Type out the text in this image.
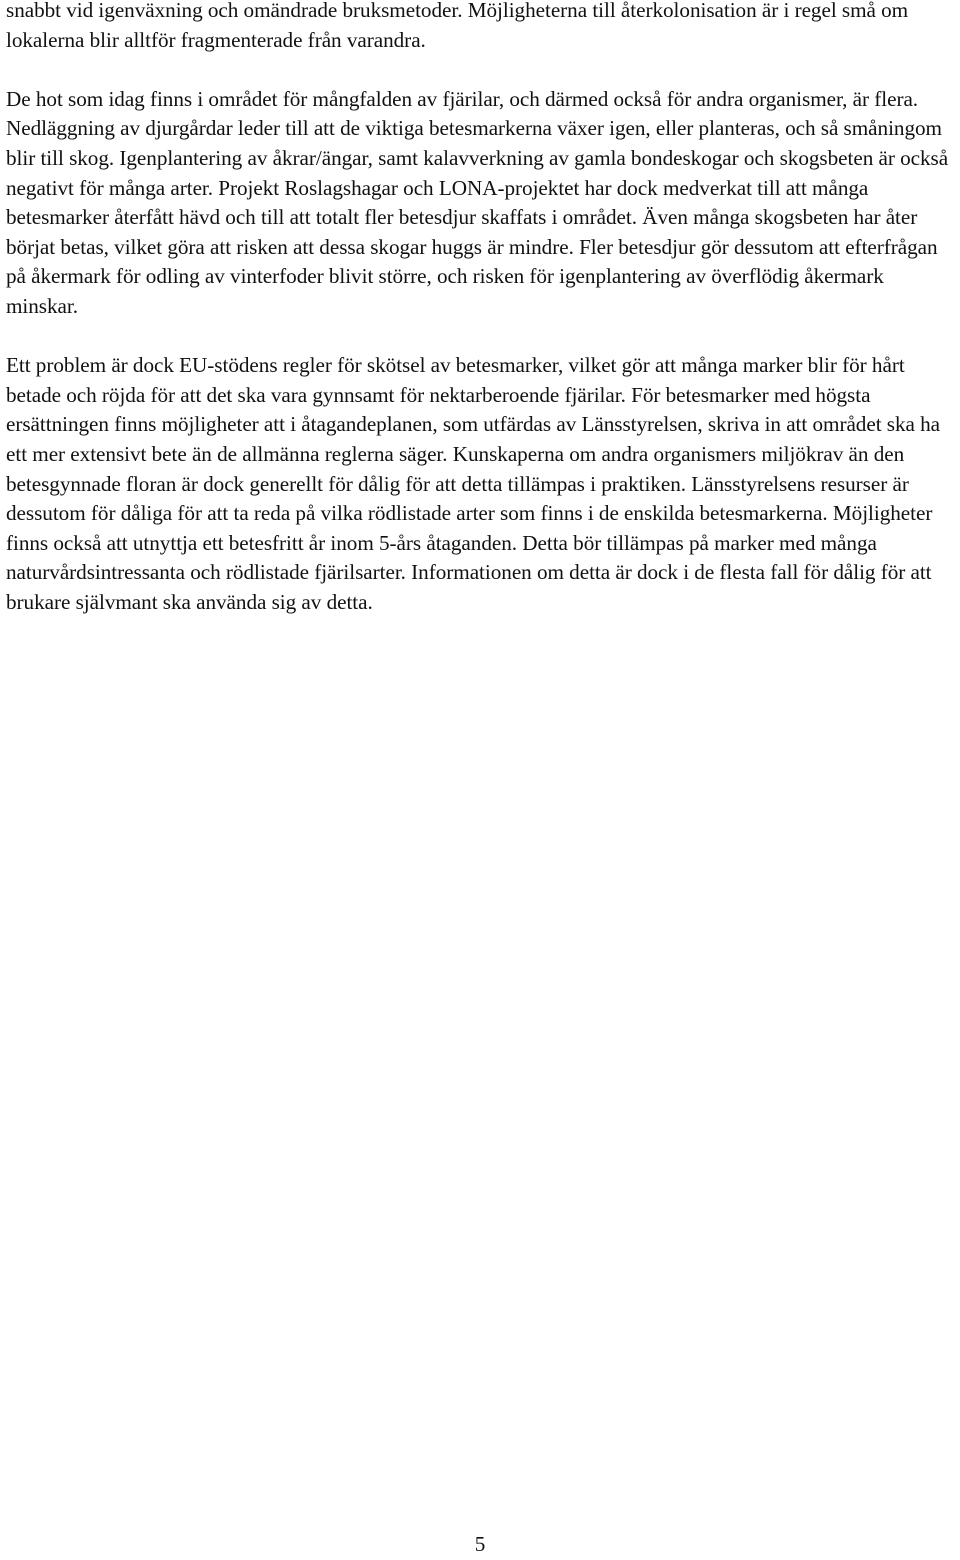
snabbt vid igenväxning och omändrade bruksmetoder. Möjligheterna till återkolonisation är i regel små om lokalerna blir alltför fragmenterade från varandra.

De hot som idag finns i området för mångfalden av fjärilar, och därmed också för andra organismer, är flera. Nedläggning av djurgårdar leder till att de viktiga betesmarkerna växer igen, eller planteras, och så småningom blir till skog. Igenplantering av åkrar/ängar, samt kalavverkning av gamla bondeskogar och skogsbeten är också negativt för många arter. Projekt Roslagshagar och LONA-projektet har dock medverkat till att många betesmarker återfått hävd och till att totalt fler betesdjur skaffats i området. Även många skogsbeten har åter börjat betas, vilket göra att risken att dessa skogar huggs är mindre. Fler betesdjur gör dessutom att efterfrågan på åkermark för odling av vinterfoder blivit större, och risken för igenplantering av överflödig åkermark minskar.

Ett problem är dock EU-stödens regler för skötsel av betesmarker, vilket gör att många marker blir för hårt betade och röjda för att det ska vara gynnsamt för nektarberoende fjärilar. För betesmarker med högsta ersättningen finns möjligheter att i åtagandeplanen, som utfärdas av Länsstyrelsen, skriva in att området ska ha ett mer extensivt bete än de allmänna reglerna säger. Kunskaperna om andra organismers miljökrav än den betesgynnade floran är dock generellt för dålig för att detta tillämpas i praktiken. Länsstyrelsens resurser är dessutom för dåliga för att ta reda på vilka rödlistade arter som finns i de enskilda betesmarkerna. Möjligheter finns också att utnyttja ett betesfritt år inom 5-års åtaganden. Detta bör tillämpas på marker med många naturvårdsintressanta och rödlistade fjärilsarter. Informationen om detta är dock i de flesta fall för dålig för att brukare självmant ska använda sig av detta.

5
